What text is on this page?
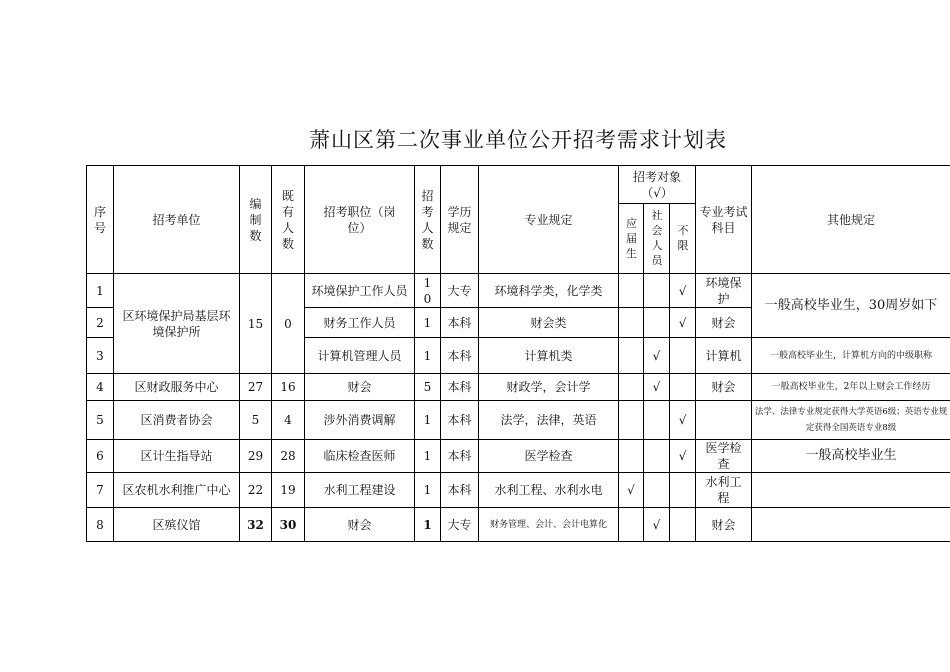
萧山区第二次事业单位公开招考需求计划表
序号	招考单位	编制数	既有人数	招考职位（岗位）	招考人数	学历规定	专业规定	招考对象（√）			专业考试科目	其他规定
								应届生	社会人员	不限		
1	区环境保护局基层环境保护所	15	0	环境保护工作人员	10	大专	环境科学类，化学类			√	环境保护	一般高校毕业生，30周岁如下
2				财务工作人员	1	本科	财会类			√	财会	
3				计算机管理人员	1	本科	计算机类		√		计算机	一般高校毕业生，计算机方向的中级职称
4	区财政服务中心	27	16	财会	5	本科	财政学，会计学		√		财会	一般高校毕业生，2年以上财会工作经历
5	区消费者协会	5	4	涉外消费调解	1	本科	法学，法律，英语			√		法学、法律专业规定获得大学英语6级；英语专业规定获得全国英语专业8级
6	区计生指导站	29	28	临床检查医师	1	本科	医学检查			√	医学检查	一般高校毕业生
7	区农机水利推广中心	22	19	水利工程建设	1	本科	水利工程、水利水电	√			水利工程	
8	区殡仪馆	32	30	财会	1	大专	财务管理、会计、会计电算化		√		财会	
